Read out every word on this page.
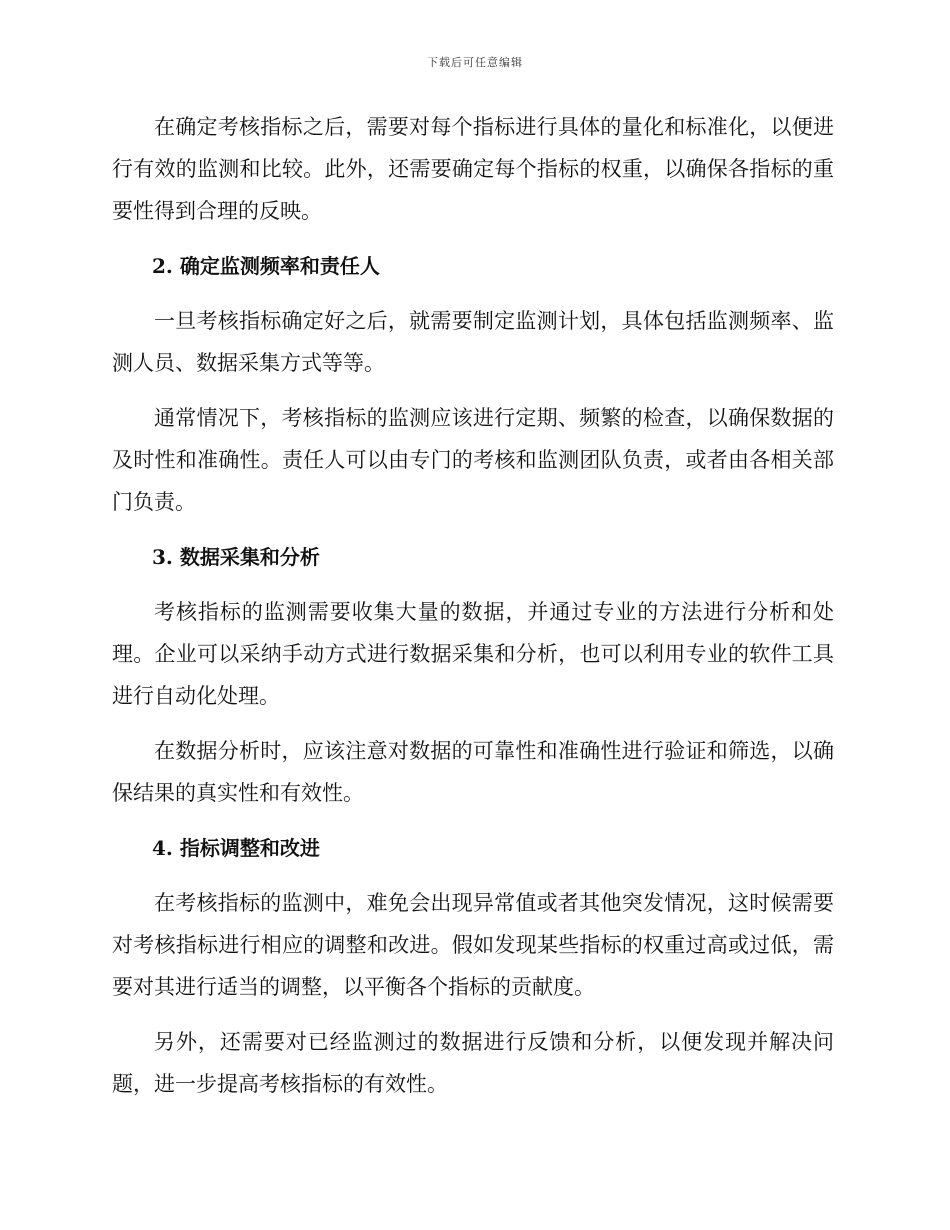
下载后可任意编辑

在确定考核指标之后，需要对每个指标进行具体的量化和标准化，以便进行有效的监测和比较。此外，还需要确定每个指标的权重，以确保各指标的重要性得到合理的反映。

2. 确定监测频率和责任人

一旦考核指标确定好之后，就需要制定监测计划，具体包括监测频率、监测人员、数据采集方式等等。

通常情况下，考核指标的监测应该进行定期、频繁的检查，以确保数据的及时性和准确性。责任人可以由专门的考核和监测团队负责，或者由各相关部门负责。

3. 数据采集和分析

考核指标的监测需要收集大量的数据，并通过专业的方法进行分析和处理。企业可以采纳手动方式进行数据采集和分析，也可以利用专业的软件工具进行自动化处理。

在数据分析时，应该注意对数据的可靠性和准确性进行验证和筛选，以确保结果的真实性和有效性。

4. 指标调整和改进

在考核指标的监测中，难免会出现异常值或者其他突发情况，这时候需要对考核指标进行相应的调整和改进。假如发现某些指标的权重过高或过低，需要对其进行适当的调整，以平衡各个指标的贡献度。

另外，还需要对已经监测过的数据进行反馈和分析，以便发现并解决问题，进一步提高考核指标的有效性。
